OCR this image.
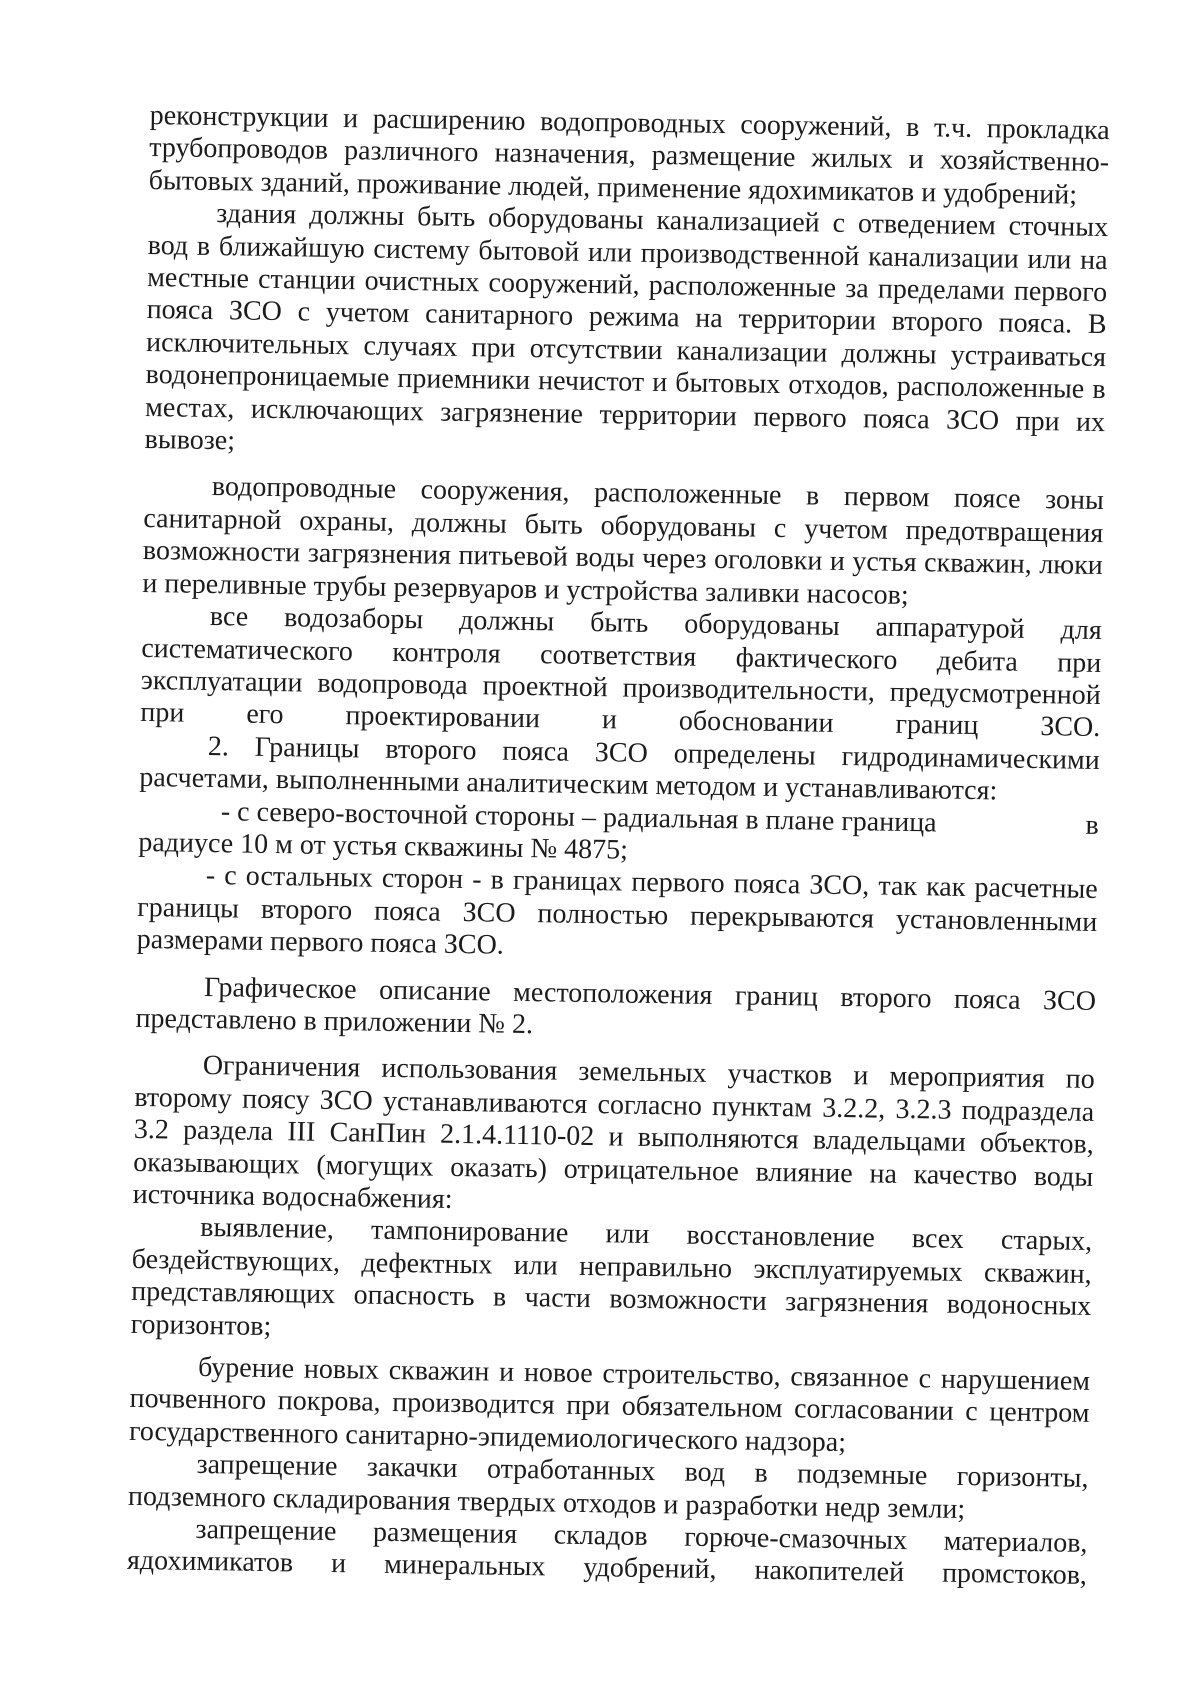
реконструкции и расширению водопроводных сооружений, в т.ч. прокладка трубопроводов различного назначения, размещение жилых и хозяйственно-бытовых зданий, проживание людей, применение ядохимикатов и удобрений;

здания должны быть оборудованы канализацией с отведением сточных вод в ближайшую систему бытовой или производственной канализации или на местные станции очистных сооружений, расположенные за пределами первого пояса ЗСО с учетом санитарного режима на территории второго пояса. В исключительных случаях при отсутствии канализации должны устраиваться водонепроницаемые приемники нечистот и бытовых отходов, расположенные в местах, исключающих загрязнение территории первого пояса ЗСО при их вывозе;

водопроводные сооружения, расположенные в первом поясе зоны санитарной охраны, должны быть оборудованы с учетом предотвращения возможности загрязнения питьевой воды через оголовки и устья скважин, люки и переливные трубы резервуаров и устройства заливки насосов;

все водозаборы должны быть оборудованы аппаратурой для систематического контроля соответствия фактического дебита при эксплуатации водопровода проектной производительности, предусмотренной при его проектировании и обосновании границ ЗСО.

2. Границы второго пояса ЗСО определены гидродинамическими расчетами, выполненными аналитическим методом и устанавливаются:

- с северо-восточной стороны – радиальная в плане граница	в
радиусе 10 м от устья скважины № 4875;

- с остальных сторон - в границах первого пояса ЗСО, так как расчетные границы второго пояса ЗСО полностью перекрываются установленными размерами первого пояса ЗСО.

Графическое описание местоположения границ второго пояса ЗСО представлено в приложении № 2.

Ограничения использования земельных участков и мероприятия по второму поясу ЗСО устанавливаются согласно пунктам 3.2.2, 3.2.3 подраздела 3.2 раздела III СанПин 2.1.4.1110-02 и выполняются владельцами объектов, оказывающих (могущих оказать) отрицательное влияние на качество воды источника водоснабжения:

выявление, тампонирование или восстановление всех старых, бездействующих, дефектных или неправильно эксплуатируемых скважин, представляющих опасность в части возможности загрязнения водоносных горизонтов;

бурение новых скважин и новое строительство, связанное с нарушением почвенного покрова, производится при обязательном согласовании с центром государственного санитарно-эпидемиологического надзора;

запрещение закачки отработанных вод в подземные горизонты, подземного складирования твердых отходов и разработки недр земли;

запрещение размещения складов горюче-смазочных материалов, ядохимикатов и минеральных удобрений, накопителей промстоков,
